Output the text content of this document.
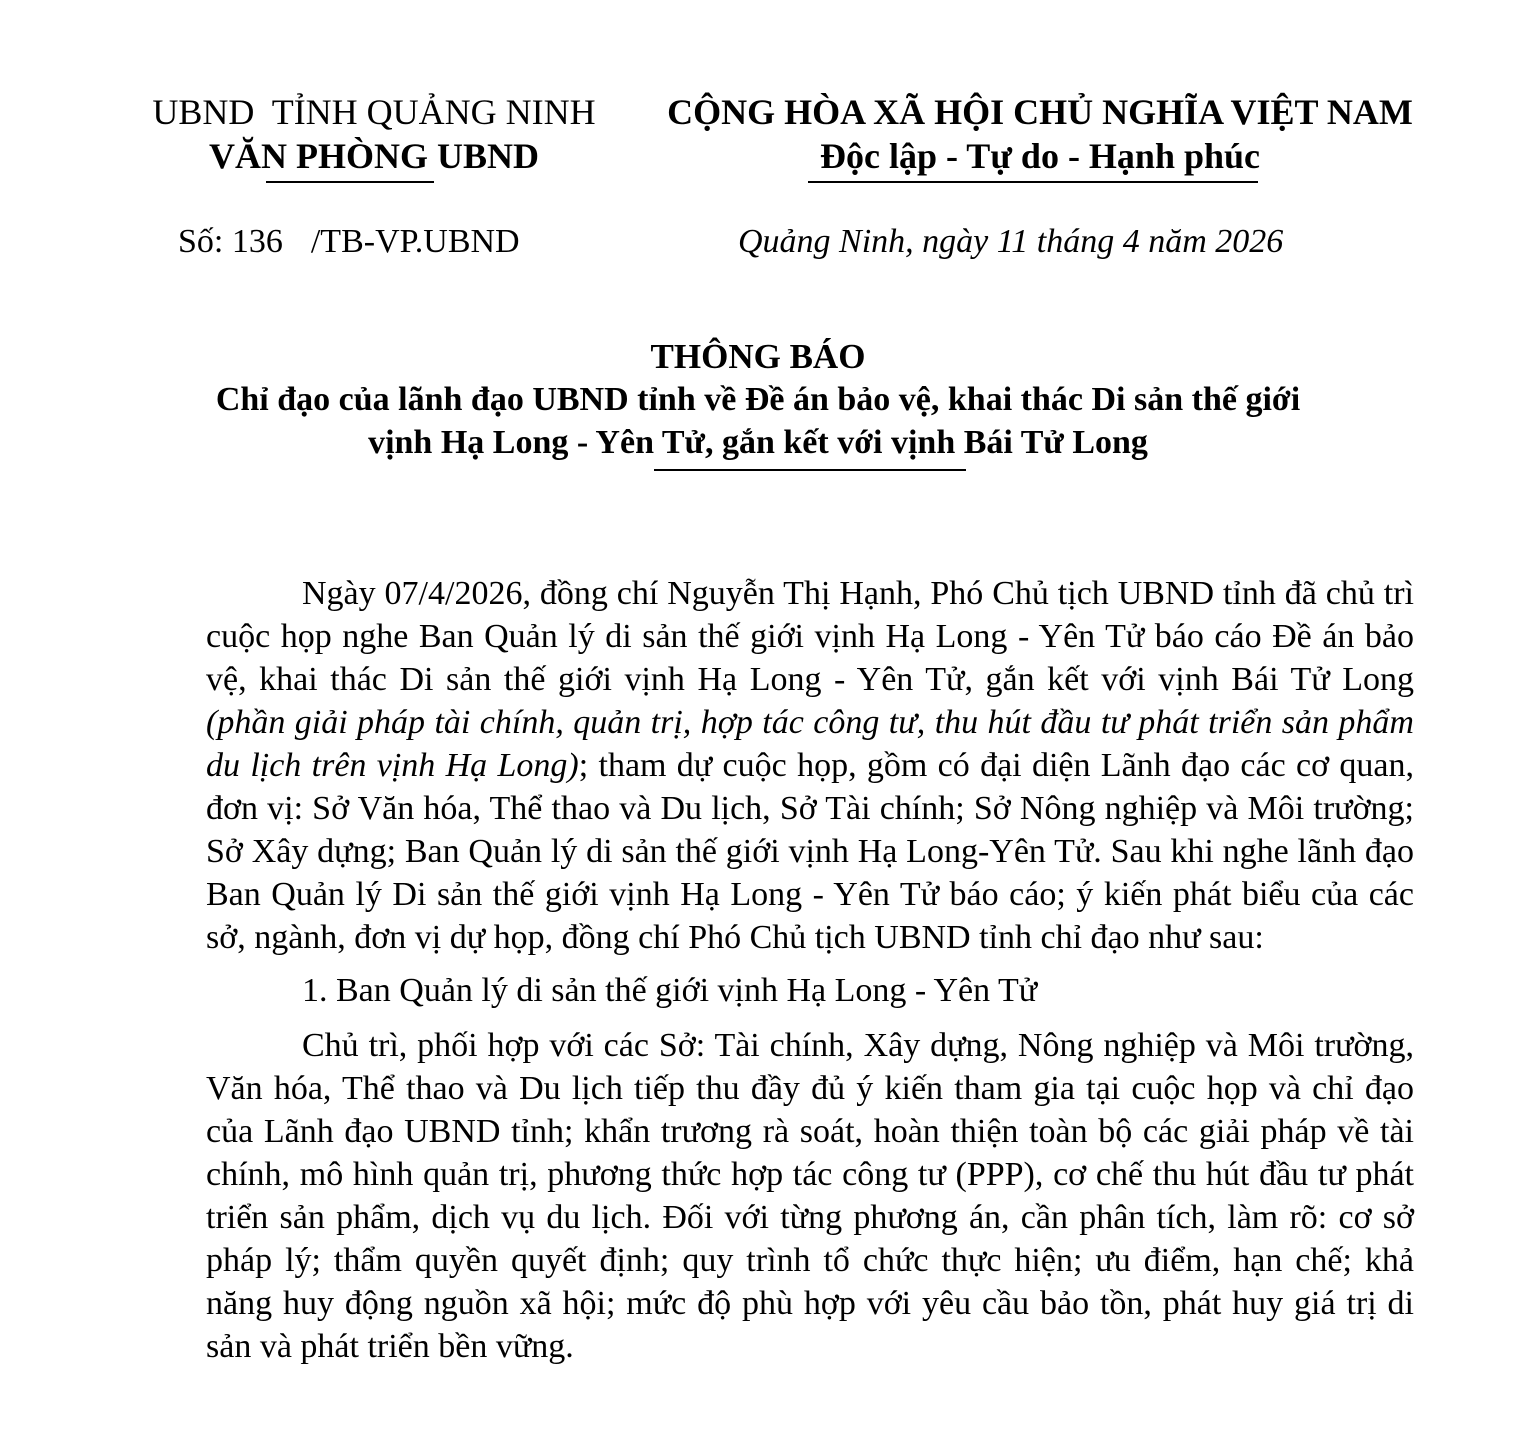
UBND  TỈNH QUẢNG NINH
VĂN PHÒNG UBND
CỘNG HÒA XÃ HỘI CHỦ NGHĨA VIỆT NAM
Độc lập - Tự do - Hạnh phúc
Số: 136 /TB-VP.UBND	Quảng Ninh, ngày 11 tháng 4 năm 2026
THÔNG BÁO
Chỉ đạo của lãnh đạo UBND tỉnh về Đề án bảo vệ, khai thác Di sản thế giới
vịnh Hạ Long - Yên Tử, gắn kết với vịnh Bái Tử Long

Ngày 07/4/2026, đồng chí Nguyễn Thị Hạnh, Phó Chủ tịch UBND tỉnh đã chủ trì cuộc họp nghe Ban Quản lý di sản thế giới vịnh Hạ Long - Yên Tử báo cáo Đề án bảo vệ, khai thác Di sản thế giới vịnh Hạ Long - Yên Tử, gắn kết với vịnh Bái Tử Long (phần giải pháp tài chính, quản trị, hợp tác công tư, thu hút đầu tư phát triển sản phẩm du lịch trên vịnh Hạ Long); tham dự cuộc họp, gồm có đại diện Lãnh đạo các cơ quan, đơn vị: Sở Văn hóa, Thể thao và Du lịch, Sở Tài chính; Sở Nông nghiệp và Môi trường; Sở Xây dựng; Ban Quản lý di sản thế giới vịnh Hạ Long-Yên Tử. Sau khi nghe lãnh đạo Ban Quản lý Di sản thế giới vịnh Hạ Long - Yên Tử báo cáo; ý kiến phát biểu của các sở, ngành, đơn vị dự họp, đồng chí Phó Chủ tịch UBND tỉnh chỉ đạo như sau:

1. Ban Quản lý di sản thế giới vịnh Hạ Long - Yên Tử

Chủ trì, phối hợp với các Sở: Tài chính, Xây dựng, Nông nghiệp và Môi trường, Văn hóa, Thể thao và Du lịch tiếp thu đầy đủ ý kiến tham gia tại cuộc họp và chỉ đạo của Lãnh đạo UBND tỉnh; khẩn trương rà soát, hoàn thiện toàn bộ các giải pháp về tài chính, mô hình quản trị, phương thức hợp tác công tư (PPP), cơ chế thu hút đầu tư phát triển sản phẩm, dịch vụ du lịch. Đối với từng phương án, cần phân tích, làm rõ: cơ sở pháp lý; thẩm quyền quyết định; quy trình tổ chức thực hiện; ưu điểm, hạn chế; khả năng huy động nguồn xã hội; mức độ phù hợp với yêu cầu bảo tồn, phát huy giá trị di sản và phát triển bền vững.
